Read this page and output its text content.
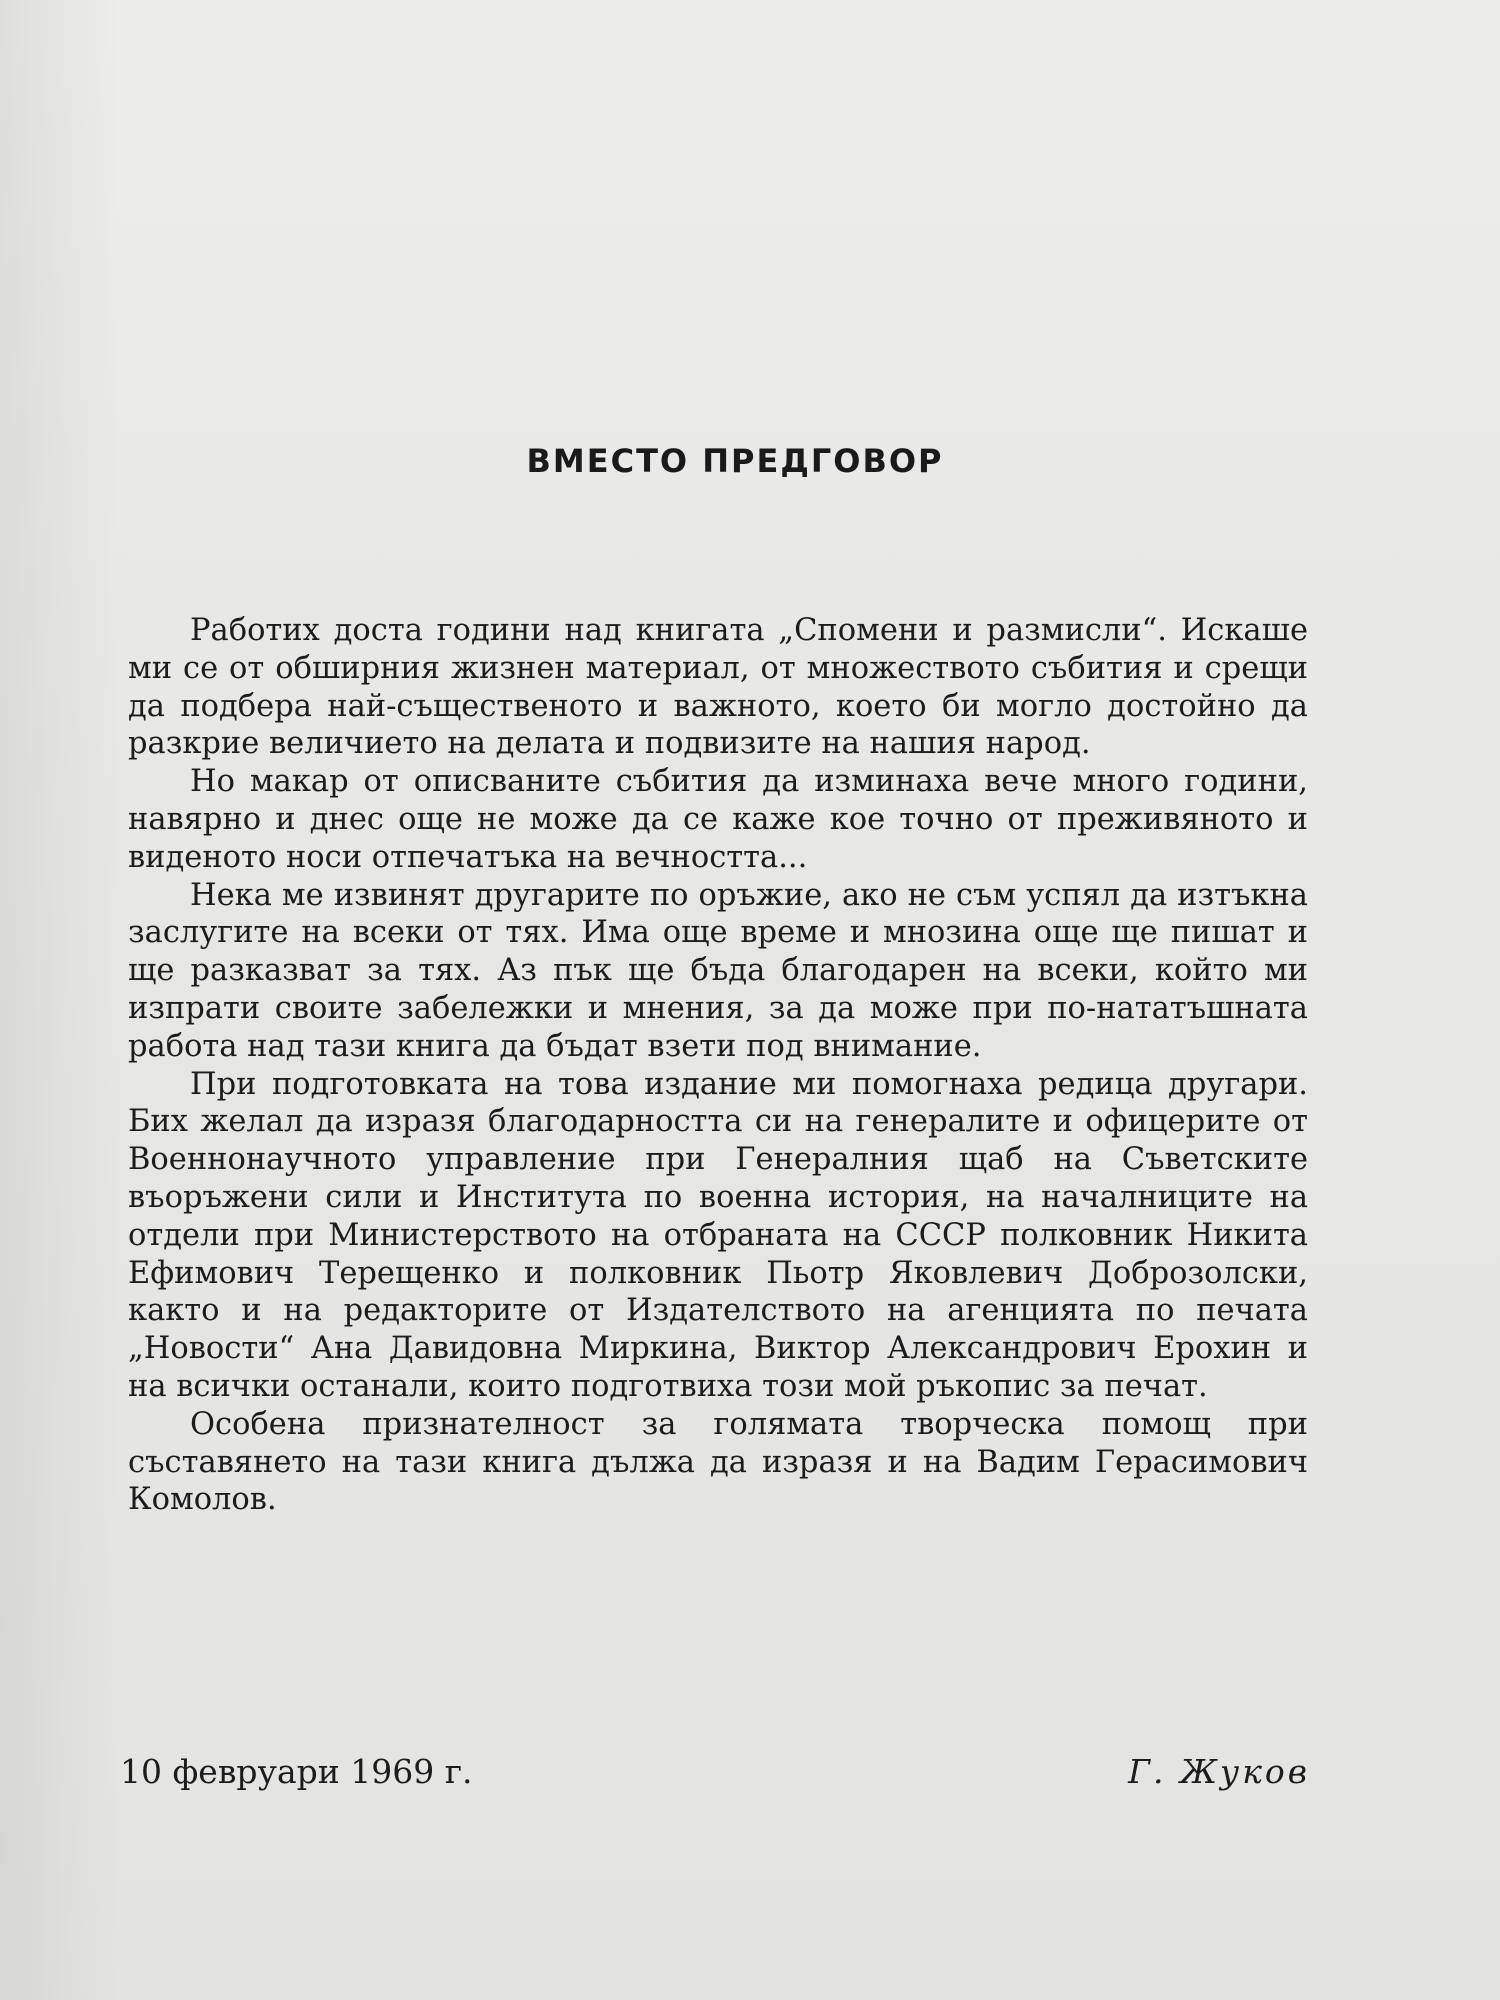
ВМЕСТО ПРЕДГОВОР

Работих доста години над книгата „Спомени и размисли“. Искаше ми се от обширния жизнен материал, от множеството събития и срещи да подбера най-същественото и важното, което би могло достойно да разкрие величието на делата и подвизите на нашия народ.

Но макар от описваните събития да изминаха вече много години, навярно и днес още не може да се каже кое точно от преживяното и виденото носи отпечатъка на вечността...

Нека ме извинят другарите по оръжие, ако не съм успял да изтъкна заслугите на всеки от тях. Има още време и мнозина още ще пишат и ще разказват за тях. Аз пък ще бъда благодарен на всеки, който ми изпрати своите забележки и мнения, за да може при по-нататъшната работа над тази книга да бъдат взети под внимание.

При подготовката на това издание ми помогнаха редица другари. Бих желал да изразя благодарността си на генералите и офицерите от Военнонаучното управление при Генералния щаб на Съветските въоръжени сили и Института по военна история, на началниците на отдели при Министерството на отбраната на СССР полковник Никита Ефимович Терещенко и полковник Пьотр Яковлевич Доброзолски, както и на редакторите от Издателството на агенцията по печата „Новости“ Ана Давидовна Миркина, Виктор Александрович Ерохин и на всички останали, които подготвиха този мой ръкопис за печат.

Особена признателност за голямата творческа помощ при съставянето на тази книга дължа да изразя и на Вадим Герасимович Комолов.

10 февруари 1969 г.	Г. Жуков
